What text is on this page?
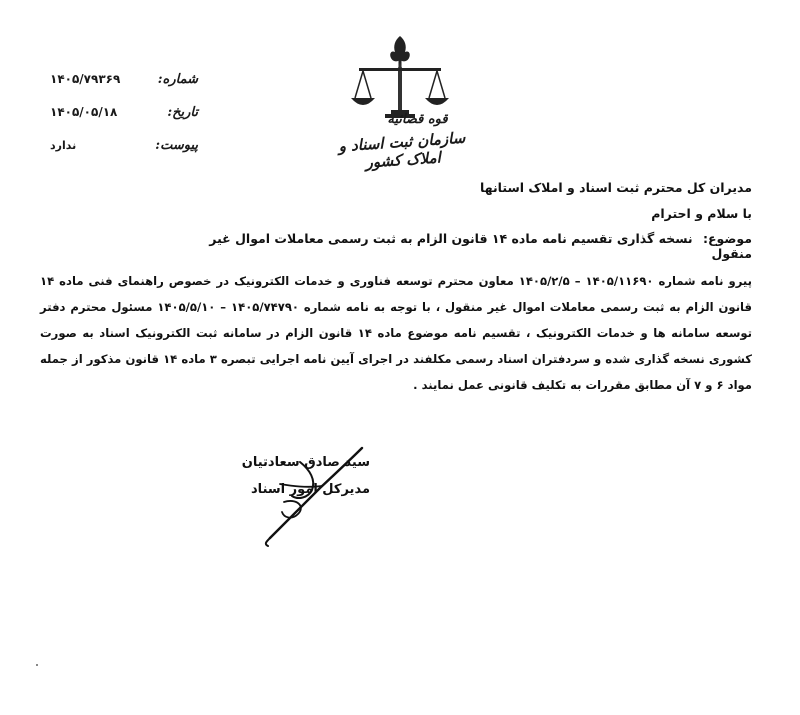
قوه قضائیه
سازمان ثبت اسناد و املاک کشور
شماره:
۱۴۰۵/۷۹۳۶۹
تاریخ:
۱۴۰۵/۰۵/۱۸
پیوست:
ندارد
مدیران کل محترم ثبت اسناد و املاک استانها
با سلام و احترام
موضوع: نسخه گذاری تقسیم نامه ماده ۱۴ قانون الزام به ثبت رسمی معاملات اموال غیر منقول
پیرو نامه شماره ۱۴۰۵/۱۱۶۹۰ – ۱۴۰۵/۲/۵ معاون محترم توسعه فناوری و خدمات الکترونیک در خصوص راهنمای فنی ماده ۱۴ قانون الزام به ثبت رسمی معاملات اموال غیر منقول ، با توجه به نامه شماره ۱۴۰۵/۷۴۷۹۰ – ۱۴۰۵/۵/۱۰ مسئول محترم دفتر توسعه سامانه ها و خدمات الکترونیک ، تقسیم نامه موضوع ماده ۱۴ قانون الزام در سامانه ثبت الکترونیک اسناد به صورت کشوری نسخه گذاری شده و سردفتران اسناد رسمی مکلفند در اجرای آیین نامه اجرایی تبصره ۳ ماده ۱۴ قانون مذکور از جمله مواد ۶ و ۷ آن مطابق مقررات به تکلیف قانونی عمل نمایند .
سید صادق سعادتیان
مدیرکل امور اسناد
